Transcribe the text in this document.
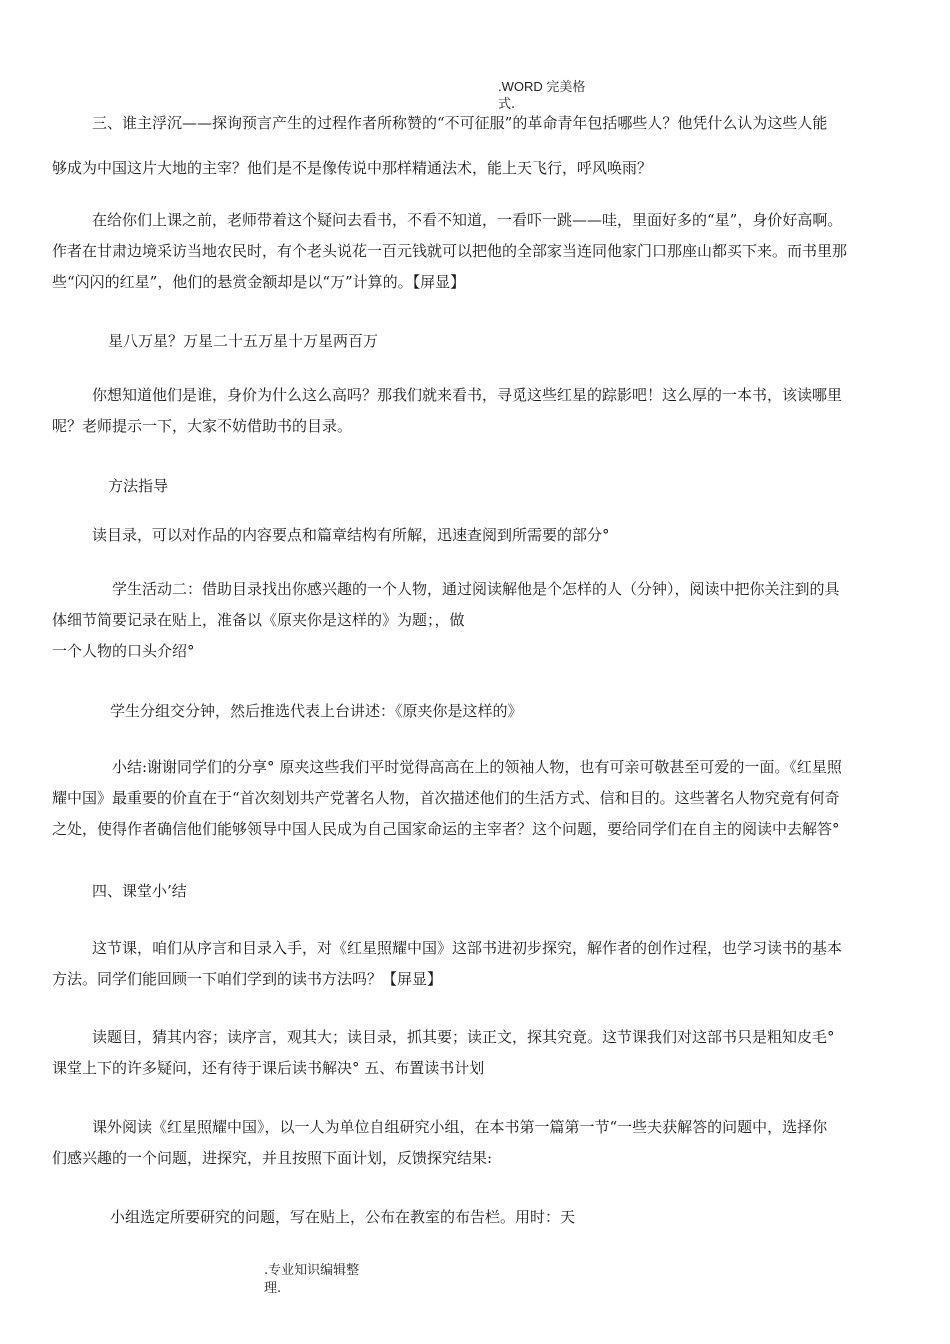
.WORD 完美格
式.
三、谁主浮沉——探询预言产生的过程作者所称赞的“不可征服”的革命青年包括哪些人？他凭什么认为这些人能
够成为中国这片大地的主宰？他们是不是像传说中那样精通法术，能上天飞行，呼风唤雨？
在给你们上课之前，老师带着这个疑问去看书，不看不知道，一看吓一跳——哇，里面好多的“星”，身价好高啊。
作者在甘肃边境采访当地农民时，有个老头说花一百元钱就可以把他的全部家当连同他家门口那座山都买下来。而书里那
些“闪闪的红星”，他们的悬赏金额却是以“万”计算的。【屏显】
星八万星？万星二十五万星十万星两百万
你想知道他们是谁，身价为什么这么高吗？那我们就来看书，寻觅这些红星的踪影吧！这么厚的一本书，该读哪里
呢？老师提示一下，大家不妨借助书的目录。
方法指导
读目录，可以对作品的内容要点和篇章结构有所解，迅速查阅到所需要的部分°
学生活动二：借助目录找出你感兴趣的一个人物，通过阅读解他是个怎样的人（分钟），阅读中把你关注到的具
体细节简要记录在贴上，准备以《原夹你是这样的》为题；，做
一个人物的口头介绍°
学生分组交分钟，然后推选代表上台讲述：《原夹你是这样的》
小结:谢谢同学们的分享° 原夹这些我们平时觉得高高在上的领袖人物，也有可亲可敬甚至可爱的一面。《红星照
耀中国》最重要的价直在于“首次刻划共产党著名人物，首次描述他们的生活方式、信和目的。这些著名人物究竟有何奇
之处，使得作者确信他们能够领导中国人民成为自己国家命运的主宰者？这个问题，要给同学们在自主的阅读中去解答°
四、课堂小’结
这节课，咱们从序言和目录入手，对《红星照耀中国》这部书进初步探究，解作者的创作过程，也学习读书的基本
方法。同学们能回顾一下咱们学到的读书方法吗？【屏显】
读题目，猜其内容；读序言，观其大；读目录，抓其要；读正文，探其究竟。这节课我们对这部书只是粗知皮毛°
课堂上下的许多疑问，还有待于课后读书解决° 五、布置读书计划
课外阅读《红星照耀中国》，以一人为单位自组研究小组，在本书第一篇第一节“一些夫获解答的问题中，选择你
们感兴趣的一个问题，进探究，并且按照下面计划，反馈探究结果:
小组选定所要研究的问题，写在贴上，公布在教室的布告栏。用时：天
.专业知识编辑整
理.
